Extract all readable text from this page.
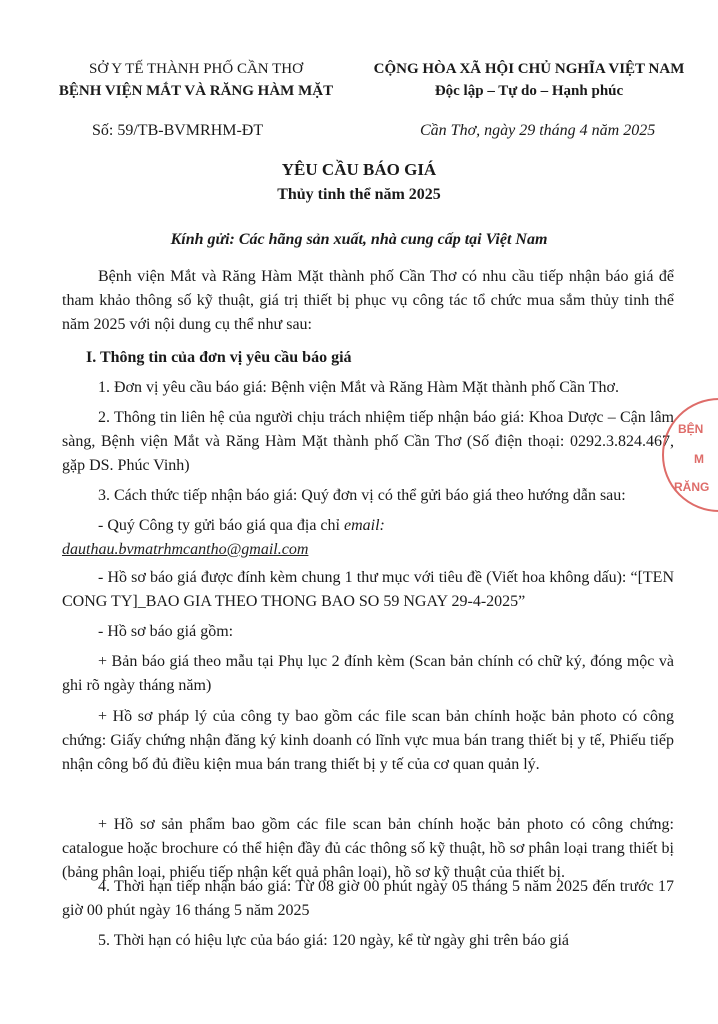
SỞ Y TẾ THÀNH PHỐ CẦN THƠ
BỆNH VIỆN MẮT VÀ RĂNG HÀM MẶT
CỘNG HÒA XÃ HỘI CHỦ NGHĨA VIỆT NAM
Độc lập – Tự do – Hạnh phúc
Số: 59/TB-BVMRHM-ĐT	Cần Thơ, ngày 29 tháng 4 năm 2025
YÊU CẦU BÁO GIÁ
Thủy tinh thể năm 2025
Kính gửi: Các hãng sản xuất, nhà cung cấp tại Việt Nam

Bệnh viện Mắt và Răng Hàm Mặt thành phố Cần Thơ có nhu cầu tiếp nhận báo giá để tham khảo thông số kỹ thuật, giá trị thiết bị phục vụ công tác tổ chức mua sắm thủy tinh thể năm 2025 với nội dung cụ thể như sau:

I. Thông tin của đơn vị yêu cầu báo giá

1. Đơn vị yêu cầu báo giá: Bệnh viện Mắt và Răng Hàm Mặt thành phố Cần Thơ.

2. Thông tin liên hệ của người chịu trách nhiệm tiếp nhận báo giá: Khoa Dược – Cận lâm sàng, Bệnh viện Mắt và Răng Hàm Mặt thành phố Cần Thơ (Số điện thoại: 0292.3.824.467, gặp DS. Phúc Vinh)

3. Cách thức tiếp nhận báo giá: Quý đơn vị có thể gửi báo giá theo hướng dẫn sau:

- Quý Công ty gửi báo giá qua địa chỉ email:

dauthau.bvmatrhmcantho@gmail.com

- Hồ sơ báo giá được đính kèm chung 1 thư mục với tiêu đề (Viết hoa không dấu): “[TEN CONG TY]_BAO GIA THEO THONG BAO SO 59 NGAY 29-4-2025”

- Hồ sơ báo giá gồm:

+ Bản báo giá theo mẫu tại Phụ lục 2 đính kèm (Scan bản chính có chữ ký, đóng mộc và ghi rõ ngày tháng năm)

+ Hồ sơ pháp lý của công ty bao gồm các file scan bản chính hoặc bản photo có công chứng: Giấy chứng nhận đăng ký kinh doanh có lĩnh vực mua bán trang thiết bị y tế, Phiếu tiếp nhận công bố đủ điều kiện mua bán trang thiết bị y tế của cơ quan quản lý.

+ Hồ sơ sản phẩm bao gồm các file scan bản chính hoặc bản photo có công chứng: catalogue hoặc brochure có thể hiện đầy đủ các thông số kỹ thuật, hồ sơ phân loại trang thiết bị (bảng phân loại, phiếu tiếp nhận kết quả phân loại), hồ sơ kỹ thuật của thiết bị.

4. Thời hạn tiếp nhận báo giá: Từ 08 giờ 00 phút ngày 05 tháng 5 năm 2025 đến trước 17 giờ 00 phút ngày 16 tháng 5 năm 2025

5. Thời hạn có hiệu lực của báo giá: 120 ngày, kể từ ngày ghi trên báo giá

BỆN
M
RĂNG
